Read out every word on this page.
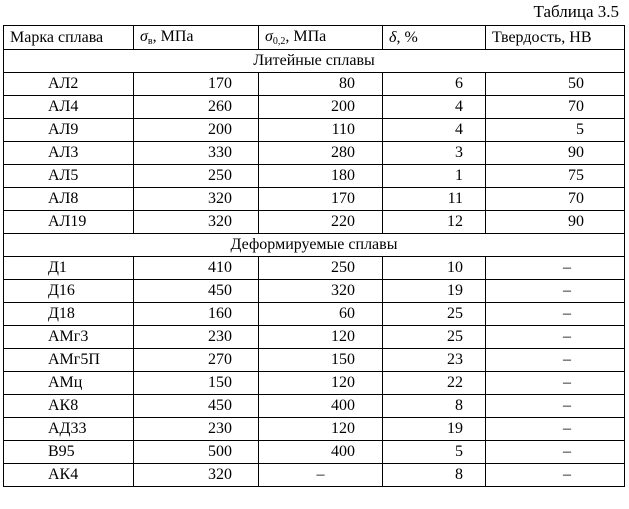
Таблица 3.5
Марка сплава	$\sigma_в$, МПа	$\sigma_{0,2}$, МПа	δ, %	Твердость, НВ
Литейные сплавы				
АЛ2	170	80	6	50
АЛ4	260	200	4	70
АЛ9	200	110	4	5
АЛ3	330	280	3	90
АЛ5	250	180	1	75
АЛ8	320	170	11	70
АЛ19	320	220	12	90
Деформируемые сплавы				
Д1	410	250	10	–
Д16	450	320	19	–
Д18	160	60	25	–
АМг3	230	120	25	–
АМг5П	270	150	23	–
АМц	150	120	22	–
АК8	450	400	8	–
АД33	230	120	19	–
В95	500	400	5	–
АК4	320	–	8	–
